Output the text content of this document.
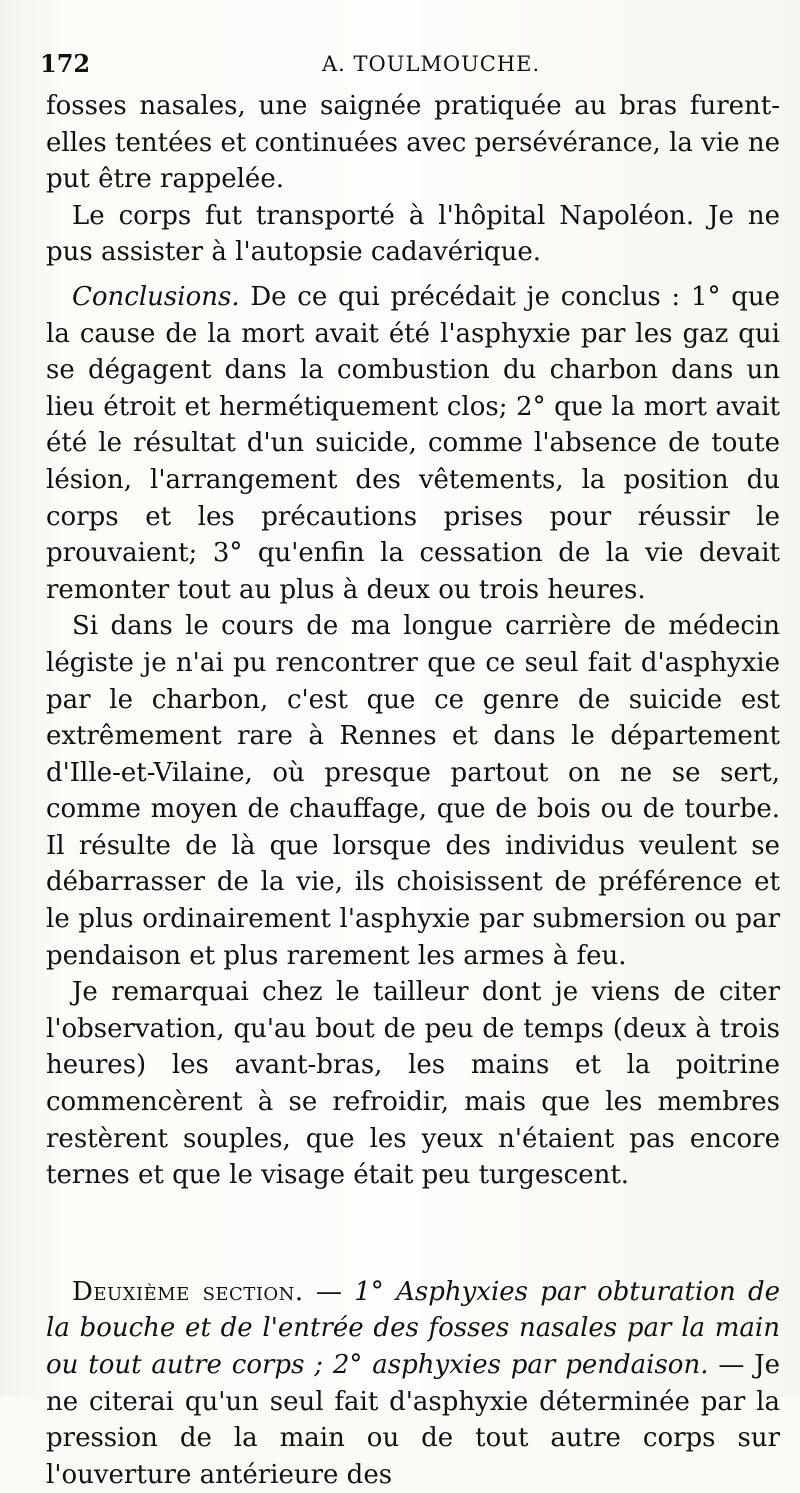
172	A. TOULMOUCHE.

fosses nasales, une saignée pratiquée au bras furent-elles tentées et continuées avec persévérance, la vie ne put être rappelée.

Le corps fut transporté à l'hôpital Napoléon. Je ne pus assister à l'autopsie cadavérique.

Conclusions. De ce qui précédait je conclus : 1° que la cause de la mort avait été l'asphyxie par les gaz qui se dégagent dans la combustion du charbon dans un lieu étroit et hermétiquement clos; 2° que la mort avait été le résultat d'un suicide, comme l'absence de toute lésion, l'arrangement des vêtements, la position du corps et les précautions prises pour réussir le prouvaient; 3° qu'enfin la cessation de la vie devait remonter tout au plus à deux ou trois heures.

Si dans le cours de ma longue carrière de médecin légiste je n'ai pu rencontrer que ce seul fait d'asphyxie par le charbon, c'est que ce genre de suicide est extrêmement rare à Rennes et dans le département d'Ille-et-Vilaine, où presque partout on ne se sert, comme moyen de chauffage, que de bois ou de tourbe. Il résulte de là que lorsque des individus veulent se débarrasser de la vie, ils choisissent de préférence et le plus ordinairement l'asphyxie par submersion ou par pendaison et plus rarement les armes à feu.

Je remarquai chez le tailleur dont je viens de citer l'observation, qu'au bout de peu de temps (deux à trois heures) les avant-bras, les mains et la poitrine commencèrent à se refroidir, mais que les membres restèrent souples, que les yeux n'étaient pas encore ternes et que le visage était peu turgescent.

Deuxième section. — 1° Asphyxies par obturation de la bouche et de l'entrée des fosses nasales par la main ou tout autre corps ; 2° asphyxies par pendaison. — Je ne citerai qu'un seul fait d'asphyxie déterminée par la pression de la main ou de tout autre corps sur l'ouverture antérieure des
